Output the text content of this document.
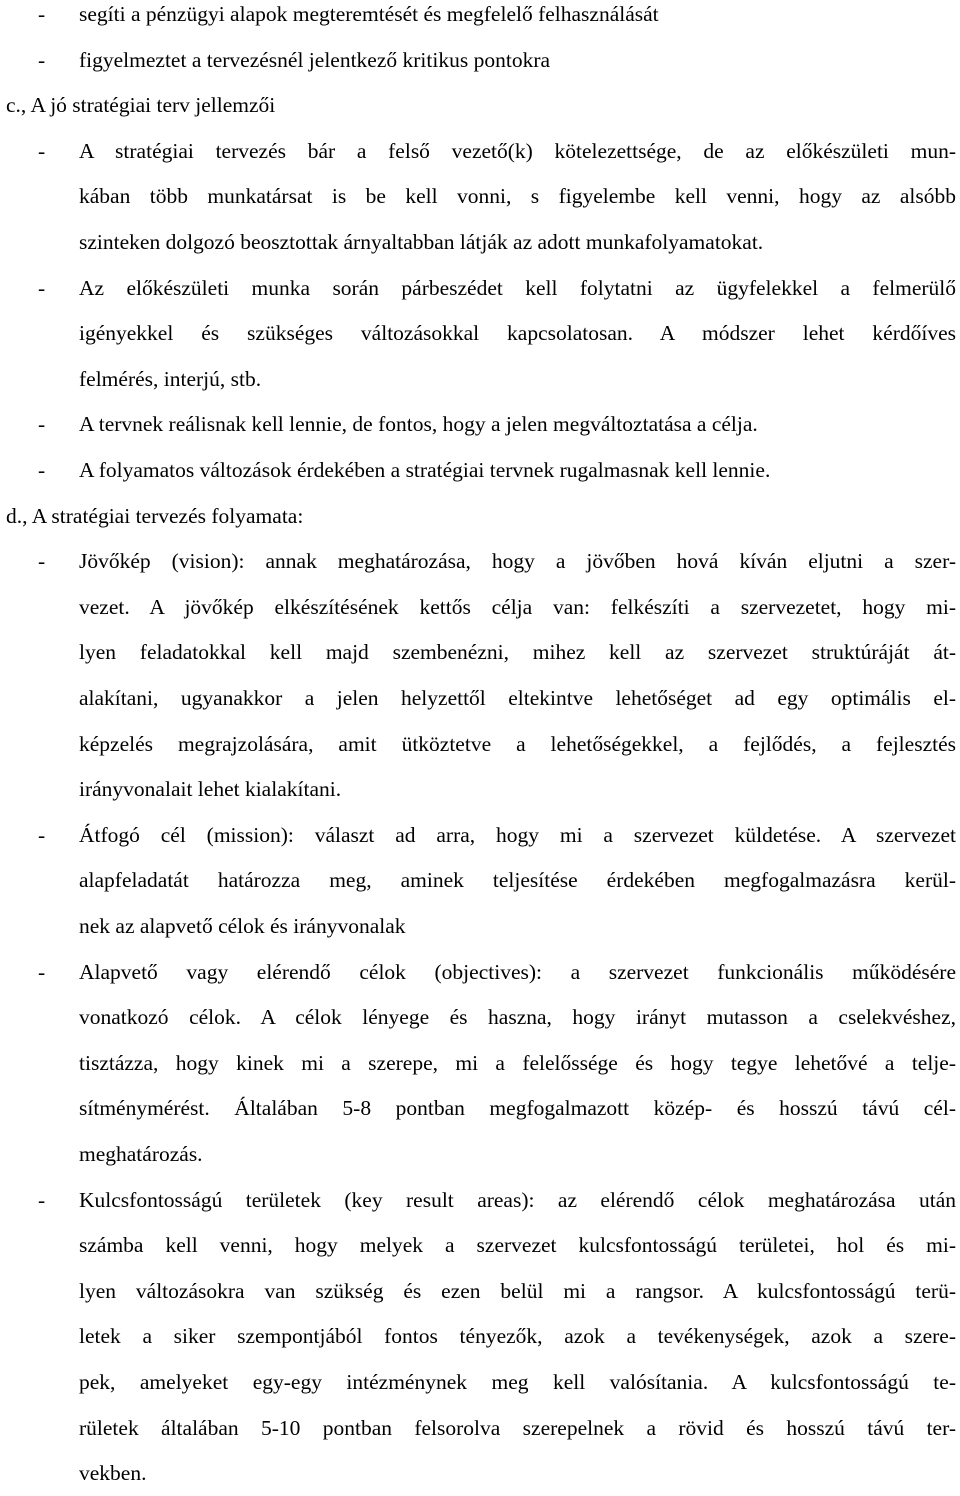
- segíti a pénzügyi alapok megteremtését és megfelelő felhasználását
- figyelmeztet a tervezésnél jelentkező kritikus pontokra
c., A jó stratégiai terv jellemzői
- A stratégiai tervezés bár a felső vezető(k) kötelezettsége, de az előkészületi mun-
kában több munkatársat is be kell vonni, s figyelembe kell venni, hogy az alsóbb
szinteken dolgozó beosztottak árnyaltabban látják az adott munkafolyamatokat.
- Az előkészületi munka során párbeszédet kell folytatni az ügyfelekkel a felmerülő
igényekkel és szükséges változásokkal kapcsolatosan. A módszer lehet kérdőíves
felmérés, interjú, stb.
- A tervnek reálisnak kell lennie, de fontos, hogy a jelen megváltoztatása a célja.
- A folyamatos változások érdekében a stratégiai tervnek rugalmasnak kell lennie.
d., A stratégiai tervezés folyamata:
- Jövőkép (vision): annak meghatározása, hogy a jövőben hová kíván eljutni a szer-
vezet. A jövőkép elkészítésének kettős célja van: felkészíti a szervezetet, hogy mi-
lyen feladatokkal kell majd szembenézni, mihez kell az szervezet struktúráját át-
alakítani, ugyanakkor a jelen helyzettől eltekintve lehetőséget ad egy optimális el-
képzelés megrajzolására, amit ütköztetve a lehetőségekkel, a fejlődés, a fejlesztés
irányvonalait lehet kialakítani.
- Átfogó cél (mission): választ ad arra, hogy mi a szervezet küldetése. A szervezet
alapfeladatát határozza meg, aminek teljesítése érdekében megfogalmazásra kerül-
nek az alapvető célok és irányvonalak
- Alapvető vagy elérendő célok (objectives): a szervezet funkcionális működésére
vonatkozó célok. A célok lényege és haszna, hogy irányt mutasson a cselekvéshez,
tisztázza, hogy kinek mi a szerepe, mi a felelőssége és hogy tegye lehetővé a telje-
sítménymérést. Általában 5-8 pontban megfogalmazott közép- és hosszú távú cél-
meghatározás.
- Kulcsfontosságú területek (key result areas): az elérendő célok meghatározása után
számba kell venni, hogy melyek a szervezet kulcsfontosságú területei, hol és mi-
lyen változásokra van szükség és ezen belül mi a rangsor. A kulcsfontosságú terü-
letek a siker szempontjából fontos tényezők, azok a tevékenységek, azok a szere-
pek, amelyeket egy-egy intézménynek meg kell valósítania. A kulcsfontosságú te-
rületek általában 5-10 pontban felsorolva szerepelnek a rövid és hosszú távú ter-
vekben.
